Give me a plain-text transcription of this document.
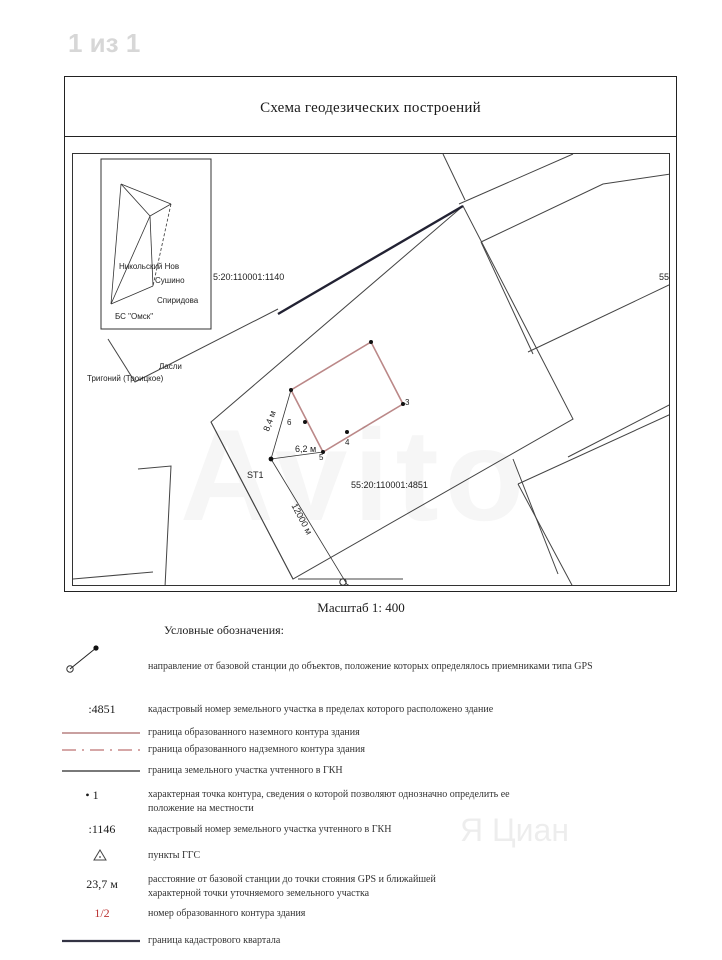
1 из 1
Схема геодезических построений
5:20:110001:1140	55
55:20:110001:4851
ST1
6,2 м
8,4 м
12000 м
6
5
4
3
Никольский Нов
Сушино
Спиридова
БС "Омск"
Ласли
Тригоний (Троицкое)
Масштаб 1: 400
Условные обозначения:
направление от базовой станции до объектов, положение которых определялось приемниками типа GPS
:4851	кадастровый номер земельного участка в пределах которого расположено здание
граница образованного наземного контура здания
граница образованного надземного контура здания
граница земельного участка учтенного в ГКН
• 1	характерная точка контура, сведения о которой позволяют однозначно определить ее положение на местности
:1146	кадастровый номер земельного участка учтенного в ГКН
пункты ГГС
23,7 м	расстояние от базовой станции до точки стояния GPS и ближайшей характерной точки уточняемого земельного участка
1/2	номер образованного контура здания
граница кадастрового квартала
Я Циан
